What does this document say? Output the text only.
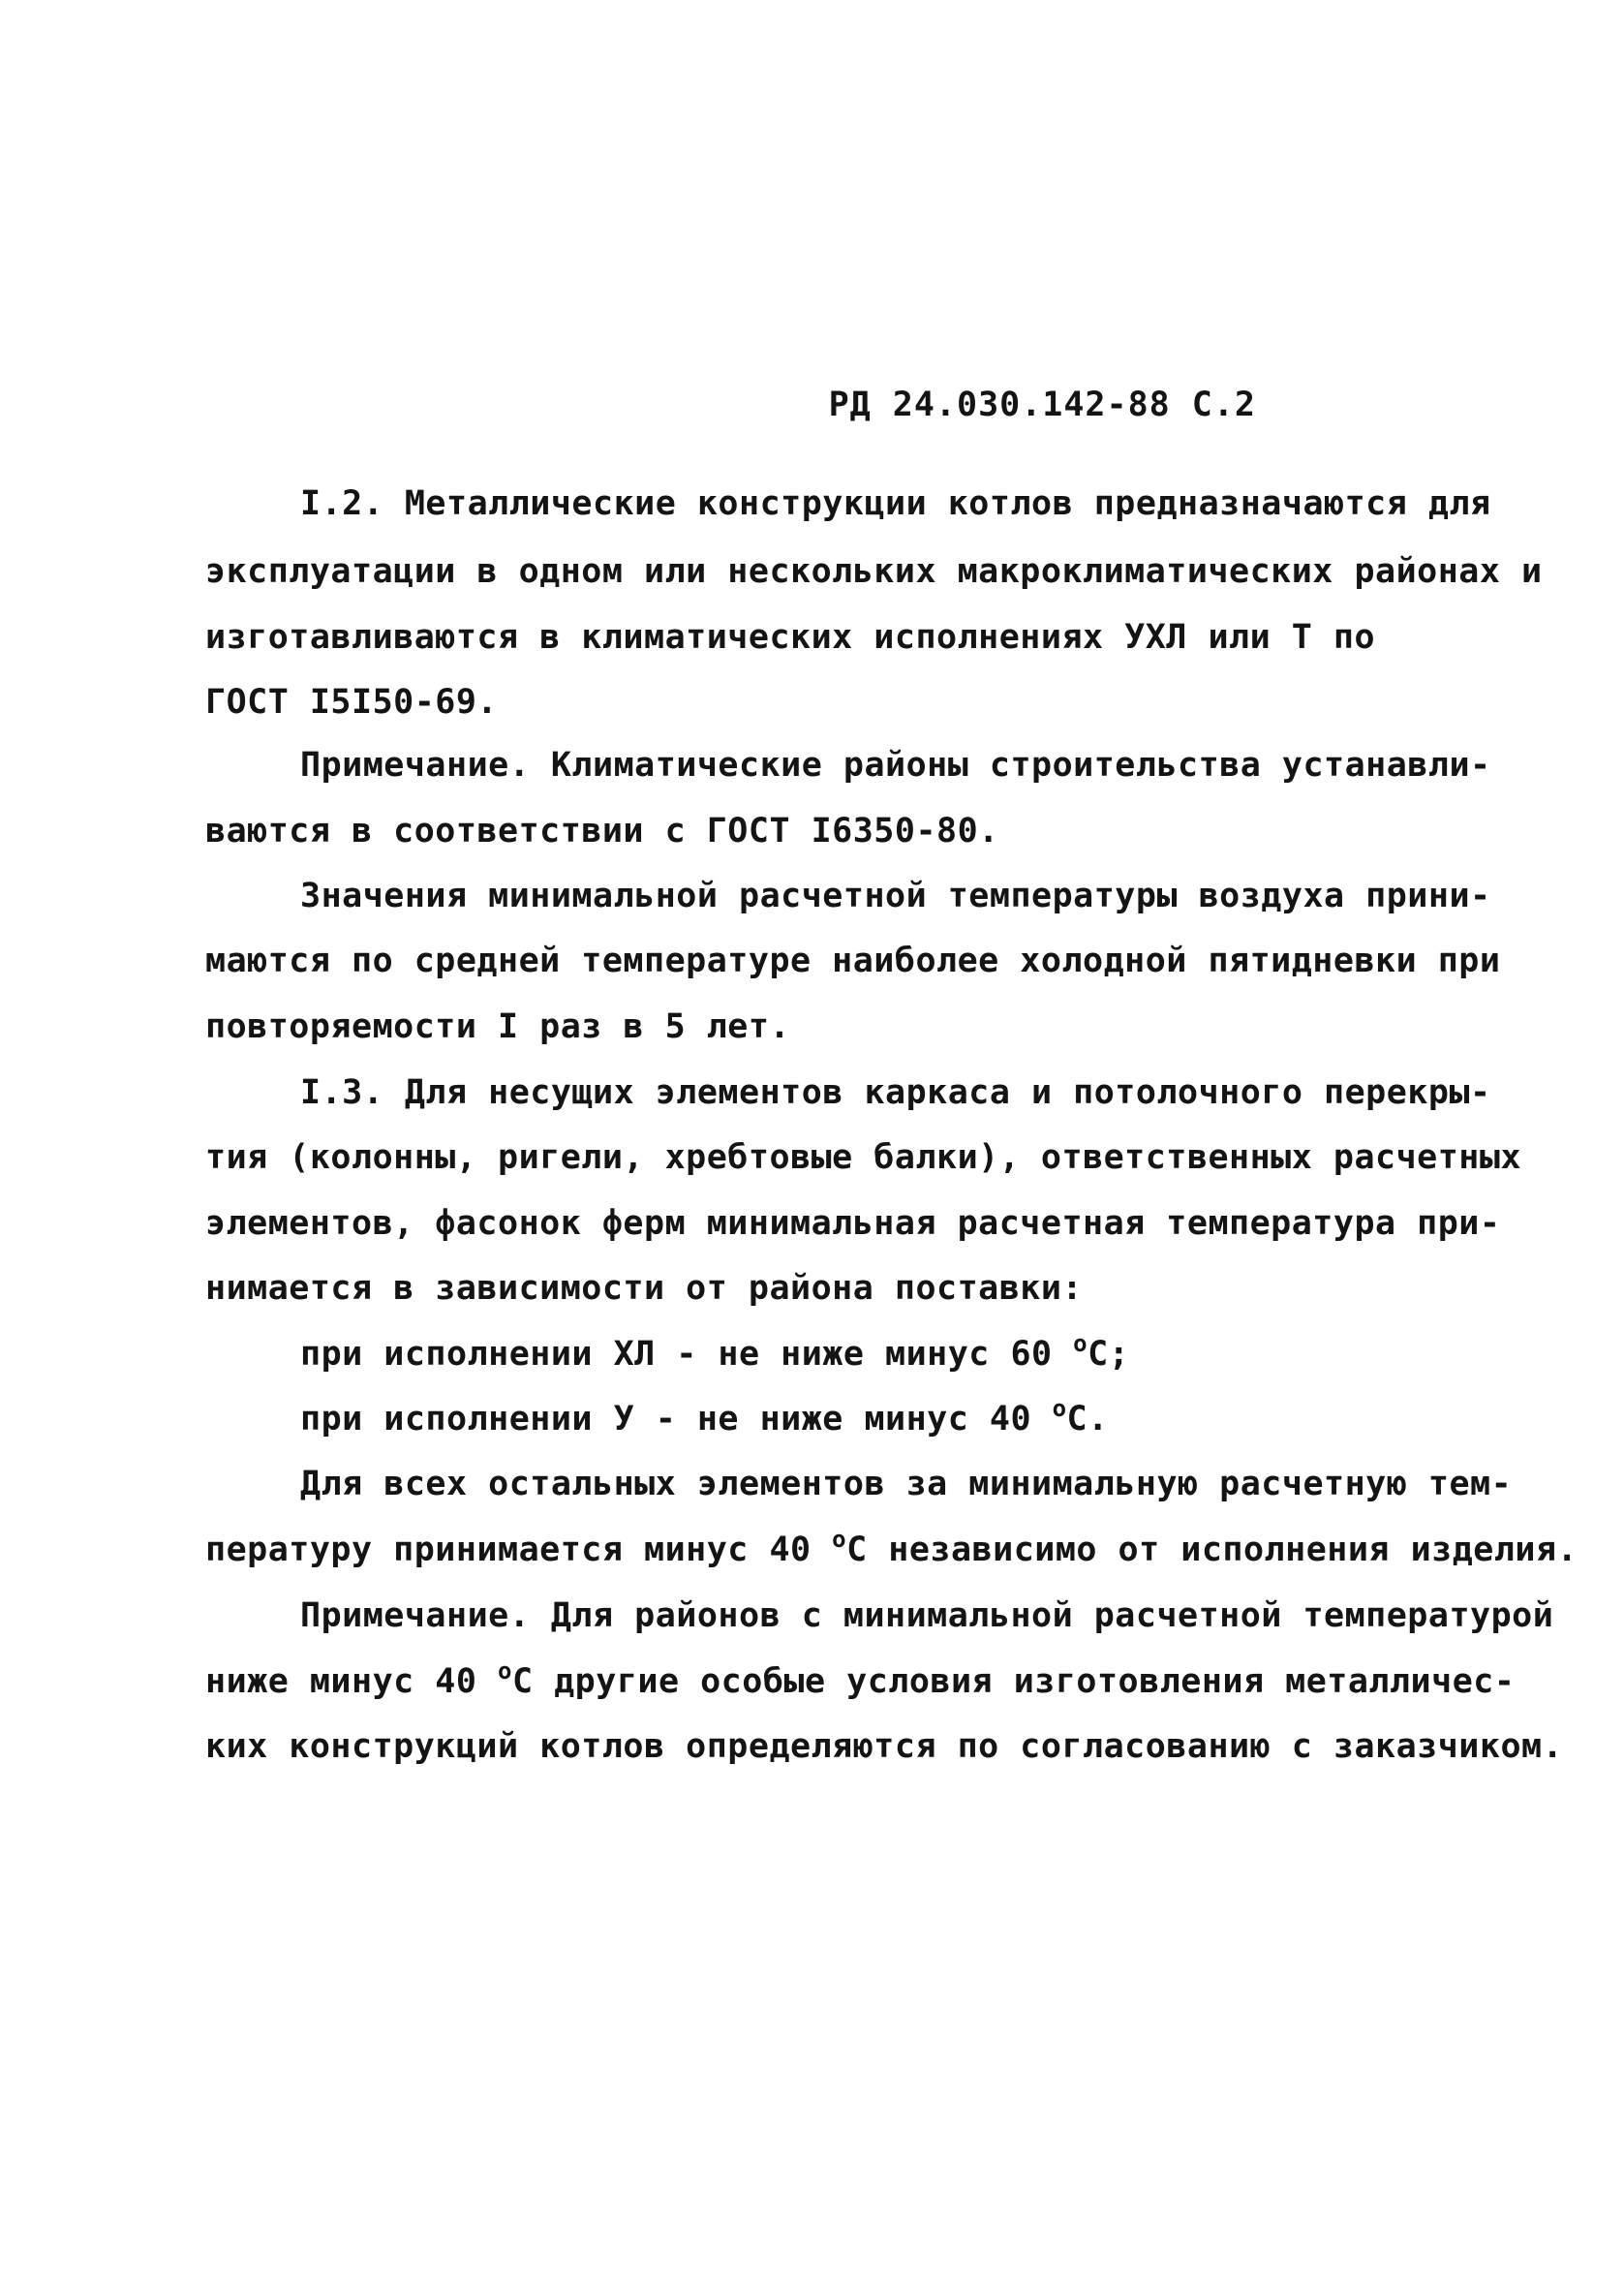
РД 24.030.142-88 С.2
I.2. Металлические конструкции котлов предназначаются для
эксплуатации в одном или нескольких макроклиматических районах и
изготавливаются в климатических исполнениях УХЛ или Т по
ГОСТ I5I50-69.
Примечание. Климатические районы строительства устанавли-
ваются в соответствии с ГОСТ I6350-80.
Значения минимальной расчетной температуры воздуха прини-
маются по средней температуре наиболее холодной пятидневки при
повторяемости I раз в 5 лет.
I.3. Для несущих элементов каркаса и потолочного перекры-
тия (колонны, ригели, хребтовые балки), ответственных расчетных
элементов, фасонок ферм минимальная расчетная температура при-
нимается в зависимости от района поставки:
при исполнении ХЛ - не ниже минус 60 $^о$С;
при исполнении У - не ниже минус 40 $^о$С.
Для всех остальных элементов за минимальную расчетную тем-
пературу принимается минус 40 $^о$С независимо от исполнения изделия.
Примечание. Для районов с минимальной расчетной температурой
ниже минус 40 $^о$С другие особые условия изготовления металличес-
ких конструкций котлов определяются по согласованию с заказчиком.
